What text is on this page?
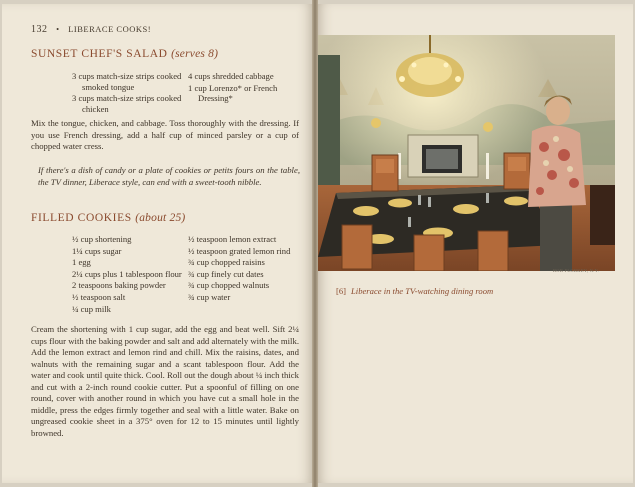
132 • LIBERACE COOKS!
SUNSET CHEF'S SALAD (serves 8)

3 cups match-size strips cooked smoked tongue

3 cups match-size strips cooked chicken

4 cups shredded cabbage

1 cup Lorenzo* or French Dressing*

Mix the tongue, chicken, and cabbage. Toss thoroughly with the dressing. If you use French dressing, add a half cup of minced parsley or a cup of chopped water cress.

If there's a dish of candy or a plate of cookies or petits fours on the table, the TV dinner, Liberace style, can end with a sweet-tooth nibble.

FILLED COOKIES (about 25)

½ cup shortening

1¼ cups sugar

1 egg

2¼ cups plus 1 tablespoon flour

2 teaspoons baking powder

½ teaspoon salt

¼ cup milk

½ teaspoon lemon extract

½ teaspoon grated lemon rind

¾ cup chopped raisins

¾ cup finely cut dates

¾ cup chopped walnuts

¾ cup water

Cream the shortening with 1 cup sugar, add the egg and beat well. Sift 2¼ cups flour with the baking powder and salt and add alternately with the milk. Add the lemon extract and lemon rind and chill. Mix the raisins, dates, and walnuts with the remaining sugar and a scant tablespoon flour. Add the water and cook until quite thick. Cool. Roll out the dough about ¼ inch thick and cut with a 2-inch round cookie cutter. Put a spoonful of filling on one round, cover with another round in which you have cut a small hole in the middle, press the edges firmly together and seal with a little water. Bake on ungreased cookie sheet in a 375° oven for 12 to 15 minutes until lightly browned.

BOB FLORKEY, N.Y.
[6] Liberace in the TV-watching dining room
